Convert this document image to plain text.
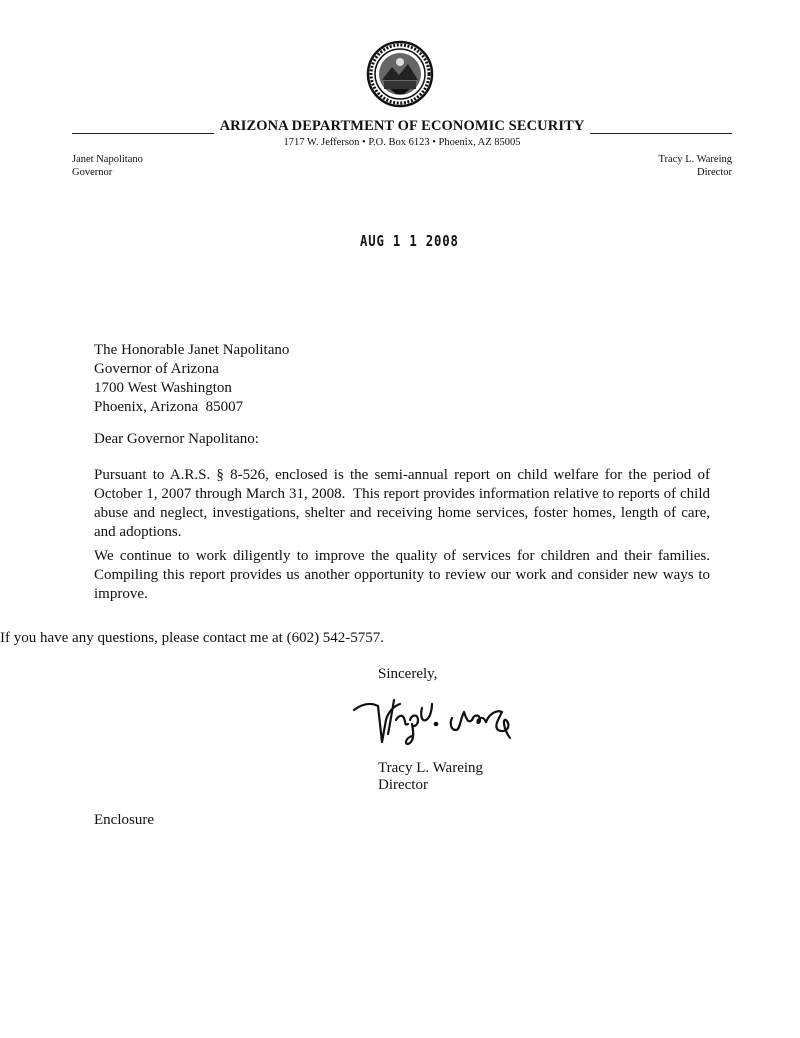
ARIZONA DEPARTMENT OF ECONOMIC SECURITY
1717 W. Jefferson • P.O. Box 6123 • Phoenix, AZ 85005
Janet Napolitano
Governor
Tracy L. Wareing
Director
AUG 1 1 2008
The Honorable Janet Napolitano
Governor of Arizona
1700 West Washington
Phoenix, Arizona  85007
Dear Governor Napolitano:
Pursuant to A.R.S. § 8-526, enclosed is the semi-annual report on child welfare for the period of October 1, 2007 through March 31, 2008.  This report provides information relative to reports of child abuse and neglect, investigations, shelter and receiving home services, foster homes, length of care, and adoptions.
We continue to work diligently to improve the quality of services for children and their families. Compiling this report provides us another opportunity to review our work and consider new ways to improve.
If you have any questions, please contact me at (602) 542-5757.
Sincerely,
Tracy L. Wareing
Director
Enclosure
